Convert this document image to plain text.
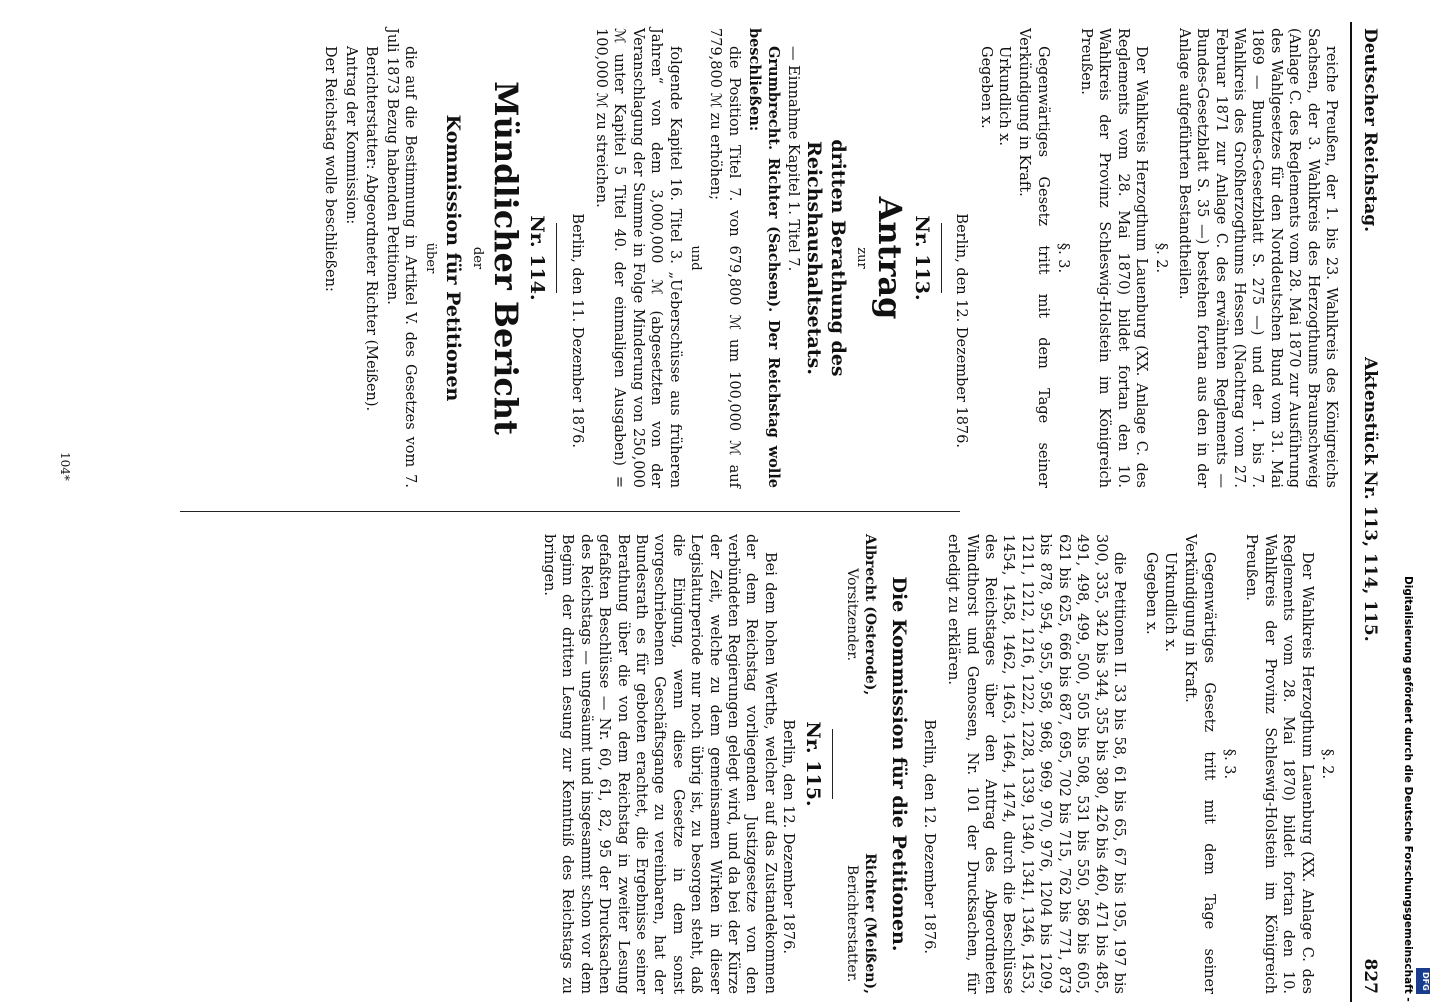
Deutscher Reichstag.
Aktenstück Nr. 113, 114, 115.
827

reiche Preußen, der 1. bis 23. Wahlkreis des Königreichs Sachsen, der 3. Wahlkreis des Herzogthums Braunschweig (Anlage C. des Reglements vom 28. Mai 1870 zur Ausführung des Wahlgesetzes für den Norddeutschen Bund vom 31. Mai 1869 — Bundes-Gesetzblatt S. 275 —) und der 1. bis 7. Wahlkreis des Großherzogthums Hessen (Nachtrag vom 27. Februar 1871 zur Anlage C. des erwähnten Reglements — Bundes-Gesetzblatt S. 35 —) bestehen fortan aus den in der Anlage aufgeführten Bestandtheilen.

§. 2.

Der Wahlkreis Herzogthum Lauenburg (XX. Anlage C. des Reglements vom 28. Mai 1870) bildet fortan den 10. Wahlkreis der Provinz Schleswig-Holstein im Königreich Preußen.

§. 3.

Gegenwärtiges Gesetz tritt mit dem Tage seiner Verkündigung in Kraft.

Urkundlich x.
Gegeben x.
Berlin, den 12. Dezember 1876.
Nr. 113.
Antrag
zur
dritten Berathung des Reichshaushaltsetats.

— Einnahme Kapitel 1. Titel 7.

Grumbrecht. Richter (Sachsen). Der Reichstag wolle beschließen:

die Position Titel 7. von 679,800 ℳ um 100,000 ℳ auf 779,800 ℳ zu erhöhen;

und

folgende Kapitel 16. Titel 3. „Ueberschüsse aus früheren Jahren“ von dem 3,000,000 ℳ (abgesetzten von der Veranschlagung der Summe in Folge Minderung von 250,000 ℳ unter Kapitel 5 Titel 40. der einmaligen Ausgaben) = 100,000 ℳ zu streichen.

Berlin, den 11. Dezember 1876.
Nr. 114.
Mündlicher Bericht
der
Kommission für Petitionen
über

die auf die Bestimmung in Artikel V. des Gesetzes vom 7. Juli 1873 Bezug habenden Petitionen.

Berichterstatter: Abgeordneter Richter (Meißen).

Antrag der Kommission:

Der Reichstag wolle beschließen:

§. 2.

Der Wahlkreis Herzogthum Lauenburg (XX. Anlage C. des Reglements vom 28. Mai 1870) bildet fortan den 10. Wahlkreis der Provinz Schleswig-Holstein im Königreich Preußen.

§. 3.

Gegenwärtiges Gesetz tritt mit dem Tage seiner Verkündigung in Kraft.

Urkundlich x.
Gegeben x.

die Petitionen II. 33 bis 58, 61 bis 65, 67 bis 195, 197 bis 300, 335, 342 bis 344, 355 bis 380, 426 bis 460, 471 bis 485, 491, 498, 499, 500, 505 bis 508, 531 bis 550, 586 bis 605, 621 bis 625, 666 bis 687, 695, 702 bis 715, 762 bis 771, 873 bis 878, 954, 955, 958, 968, 969, 970, 976, 1204 bis 1209, 1211, 1212, 1216, 1222, 1228, 1339, 1340, 1341, 1346, 1453, 1454, 1458, 1462, 1463, 1464, 1474, durch die Beschlüsse des Reichstages über den Antrag des Abgeordneten Windthorst und Genossen, Nr. 101 der Drucksachen, für erledigt zu erklären.

Berlin, den 12. Dezember 1876.
Die Kommission für die Petitionen.
Albrecht (Osterode),
Vorsitzender.
Richter (Meißen),
Berichterstatter.
Nr. 115.
Berlin, den 12. Dezember 1876.

Bei dem hohen Werthe, welcher auf das Zustandekommen der dem Reichstag vorliegenden Justizgesetze von den verbündeten Regierungen gelegt wird, und da bei der Kürze der Zeit, welche zu dem gemeinsamen Wirken in dieser Legislaturperiode nur noch übrig ist, zu besorgen steht, daß die Einigung, wenn diese Gesetze in dem sonst vorgeschriebenen Geschäftsgange zu vereinbaren, hat der Bundesrath es für geboten erachtet, die Ergebnisse seiner Berathung über die von dem Reichstag in zweiter Lesung gefaßten Beschlüsse — Nr. 60, 61, 82, 95 der Drucksachen des Reichstags — ungesäumt und insgesammt schon vor dem Beginn der dritten Lesung zur Kenntniß des Reichstags zu bringen.

104*
Digitalisierung gefördert durch die Deutsche Forschungsgemeinschaft - DFG
